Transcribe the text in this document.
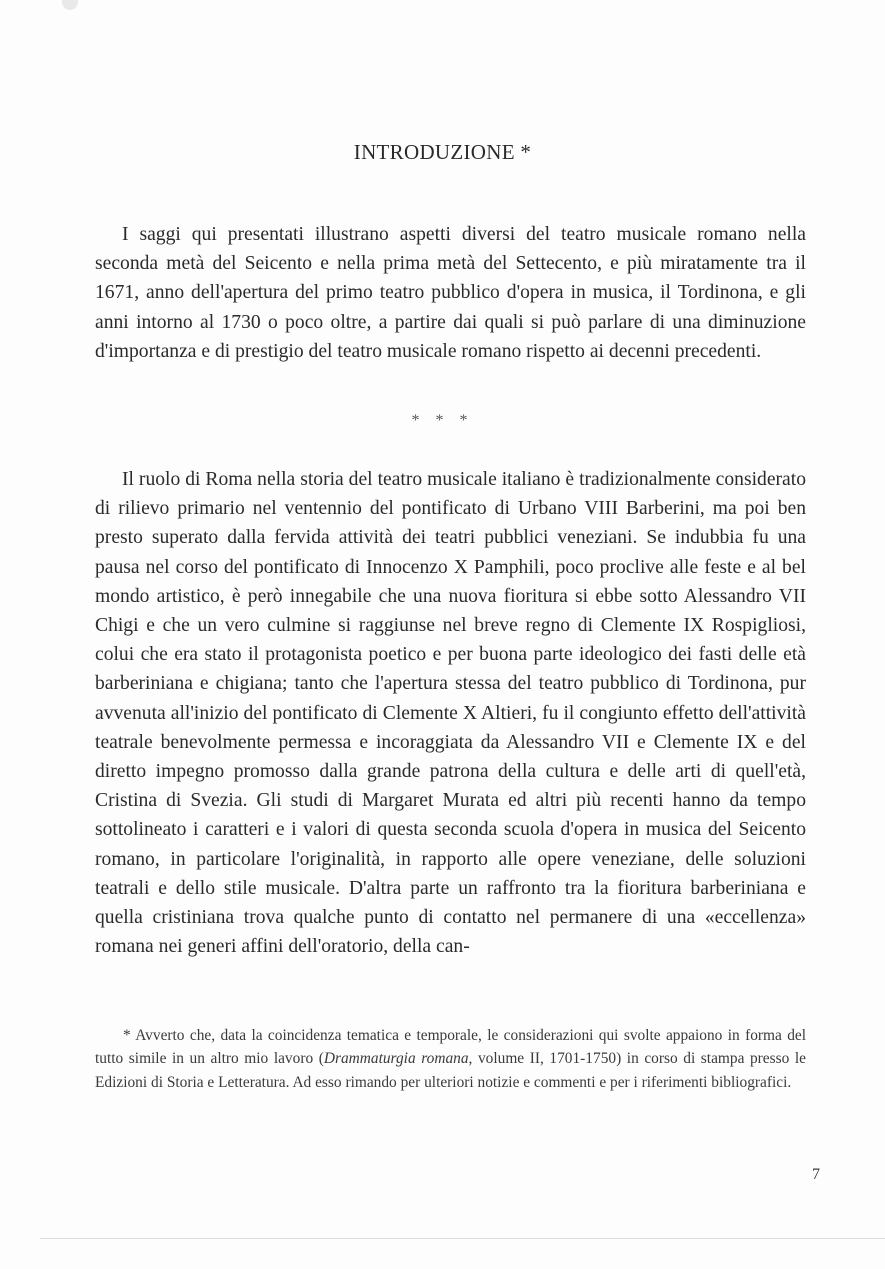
INTRODUZIONE *

I saggi qui presentati illustrano aspetti diversi del teatro musicale romano nella seconda metà del Seicento e nella prima metà del Settecento, e più miratamente tra il 1671, anno dell'apertura del primo teatro pubblico d'opera in musica, il Tordinona, e gli anni intorno al 1730 o poco oltre, a partire dai quali si può parlare di una diminuzione d'importanza e di prestigio del teatro musicale romano rispetto ai decenni precedenti.

* * *

Il ruolo di Roma nella storia del teatro musicale italiano è tradizionalmente considerato di rilievo primario nel ventennio del pontificato di Urbano VIII Barberini, ma poi ben presto superato dalla fervida attività dei teatri pubblici veneziani. Se indubbia fu una pausa nel corso del pontificato di Innocenzo X Pamphili, poco proclive alle feste e al bel mondo artistico, è però innegabile che una nuova fioritura si ebbe sotto Alessandro VII Chigi e che un vero culmine si raggiunse nel breve regno di Clemente IX Rospigliosi, colui che era stato il protagonista poetico e per buona parte ideologico dei fasti delle età barberiniana e chigiana; tanto che l'apertura stessa del teatro pubblico di Tordinona, pur avvenuta all'inizio del pontificato di Clemente X Altieri, fu il congiunto effetto dell'attività teatrale benevolmente permessa e incoraggiata da Alessandro VII e Clemente IX e del diretto impegno promosso dalla grande patrona della cultura e delle arti di quell'età, Cristina di Svezia. Gli studi di Margaret Murata ed altri più recenti hanno da tempo sottolineato i caratteri e i valori di questa seconda scuola d'opera in musica del Seicento romano, in particolare l'originalità, in rapporto alle opere veneziane, delle soluzioni teatrali e dello stile musicale. D'altra parte un raffronto tra la fioritura barberiniana e quella cristiniana trova qualche punto di contatto nel permanere di una «eccellenza» romana nei generi affini dell'oratorio, della can-

* Avverto che, data la coincidenza tematica e temporale, le considerazioni qui svolte appaiono in forma del tutto simile in un altro mio lavoro (Drammaturgia romana, volume II, 1701-1750) in corso di stampa presso le Edizioni di Storia e Letteratura. Ad esso rimando per ulteriori notizie e commenti e per i riferimenti bibliografici.

7
